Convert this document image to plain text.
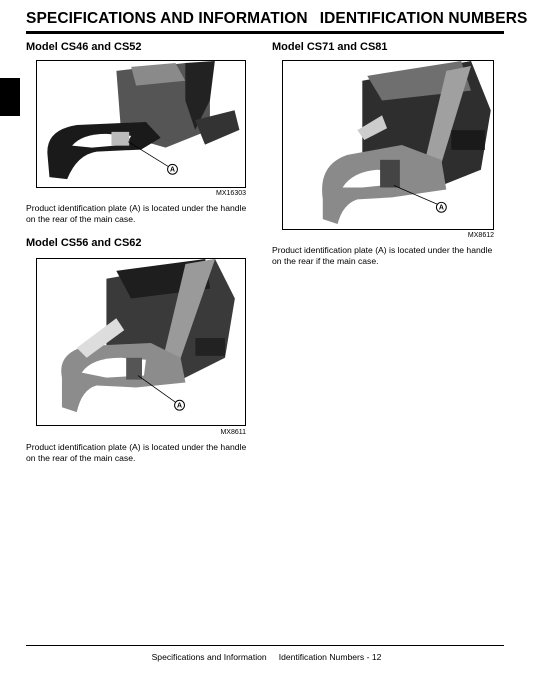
SPECIFICATIONS AND INFORMATION IDENTIFICATION NUMBERS
Model CS46 and CS52
A
MX16303
Product identification plate (A) is located under the handle on the rear of the main case.
Model CS56 and CS62
A
MX8611
Product identification plate (A) is located under the handle on the rear of the main case.
Model CS71 and CS81
A
MX8612
Product identification plate (A) is located under the handle on the rear if the main case.
Specifications and Information Identification Numbers - 12
